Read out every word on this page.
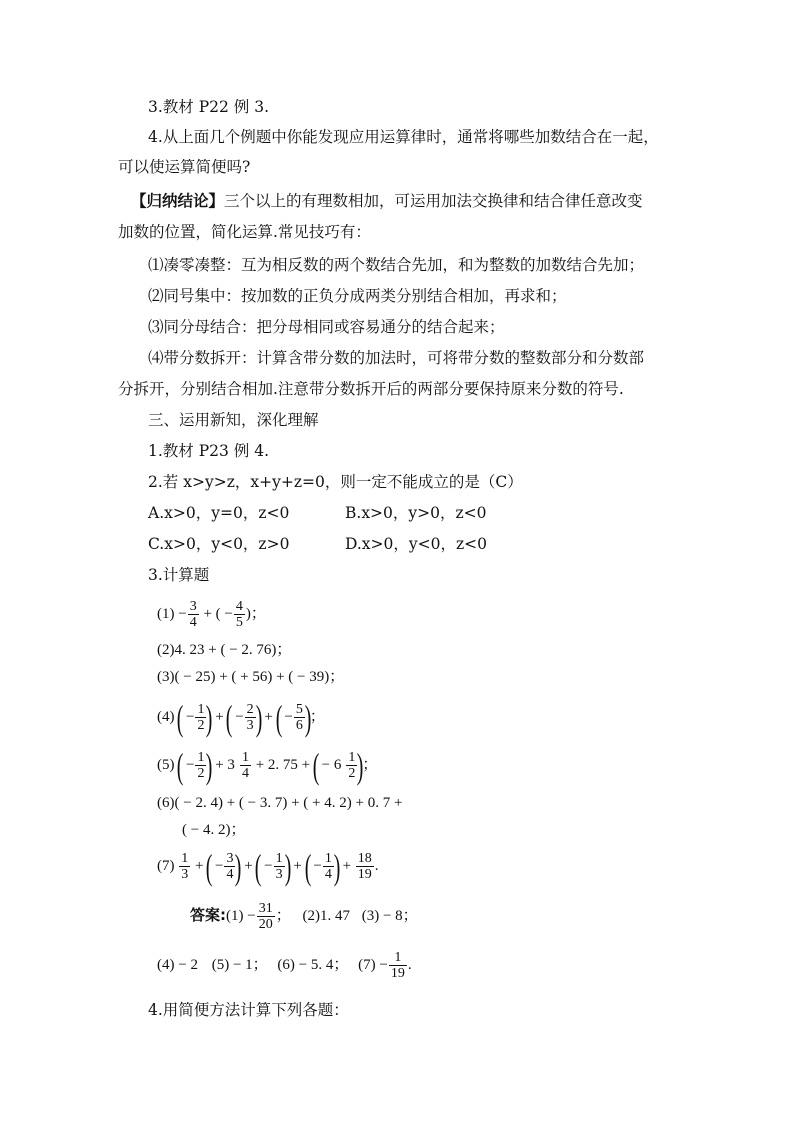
3.教材 P22 例 3.
4.从上面几个例题中你能发现应用运算律时，通常将哪些加数结合在一起，
可以使运算简便吗?
【归纳结论】三个以上的有理数相加，可运用加法交换律和结合律任意改变
加数的位置，简化运算.常见技巧有：
⑴凑零凑整：互为相反数的两个数结合先加，和为整数的加数结合先加；
⑵同号集中：按加数的正负分成两类分别结合相加，再求和；
⑶同分母结合：把分母相同或容易通分的结合起来；
⑷带分数拆开：计算含带分数的加法时，可将带分数的整数部分和分数部
分拆开，分别结合相加.注意带分数拆开后的两部分要保持原来分数的符号.
三、运用新知，深化理解
1.教材 P23 例 4.
2.若 x>y>z，x+y+z=0，则一定不能成立的是（C）
A.x>0，y=0，z<0	B.x>0，y>0，z<0
C.x>0，y<0，z>0	D.x>0，y<0，z<0
3.计算题
$(1) - \frac{3}{4}$ + ( − $\frac{4}{5}$ )；
(2)4. 23 + ( − 2. 76)；
(3)( − 25) + ( + 56) + ( − 39)；
(4) ( − $\frac{1}{2}$ ) + ( − $\frac{2}{3}$ ) + ( − $\frac{5}{6}$ )；
(5) ( − $\frac{1}{2}$ ) + $3 \frac{1}{4} + 2$. 75 + ( − $6 \frac{1}{2}$ )；
(6)( − 2. 4) + ( − 3. 7) + ( + 4. 2) + 0. 7 +
( − 4. 2)；
$(7) \frac{1}{3}$ + ( − $\frac{3}{4}$ ) + ( − $\frac{1}{3}$ ) + ( − $\frac{1}{4}$ ) + $\frac{18}{19}$ .
答案:(1) − $\frac{31}{20}$ ； (2)1. 47 (3) − 8；
(4) − 2 (5) − 1； (6) − 5. 4； $(7) - \frac{1}{19}$ .
4.用简便方法计算下列各题：
